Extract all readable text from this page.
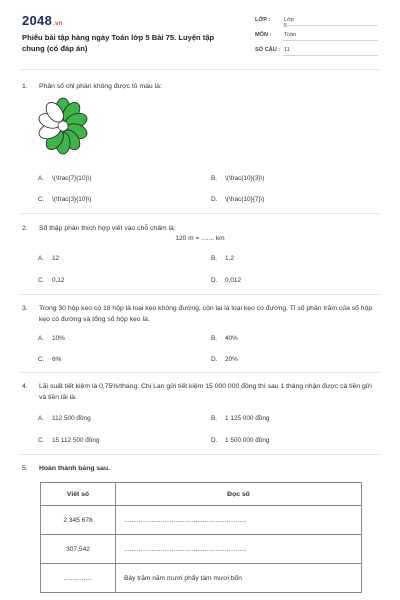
2048.vn
Phiếu bài tập hàng ngày Toán lớp 5 Bài 75. Luyện tập chung (có đáp án)
LỚP :	Lớp 5
MÔN :	Toán
SỐ CÂU : 11
1. Phân số chỉ phần không được tô màu là:
A. \(\frac{7}{10}\)	B. \(\frac{10}{3}\)
C. \(\frac{3}{10}\)	D. \(\frac{10}{7}\)
2. Số thập phân thích hợp viết vào chỗ chấm là:
120 m = ....... km
A. 12	B. 1,2
C. 0,12	D. 0,012
3. Trong 30 hộp kẹo có 18 hộp là loại kẹo không đường, còn lại là loại kẹo có đường. Tỉ số phần trăm của số hộp kẹo có đường và tổng số hộp kẹo là:
A. 10%	B. 40%
C. 6%	D. 20%
4. Lãi suất tiết kiệm là 0,75%/tháng. Chị Lan gửi tiết kiệm 15 000 000 đồng thì sau 1 tháng nhận được cả tiền gửi và tiền lãi là:
A. 112 500 đồng	B. 1 125 000 đồng
C. 15 112 500 đồng	D. 1 500 000 đồng
5. Hoàn thành bảng sau.
Viết số	Đọc số
2 345 678	...................................................................
307,542	...................................................................
................	Bảy trăm năm mươi phẩy tám mươi bốn
